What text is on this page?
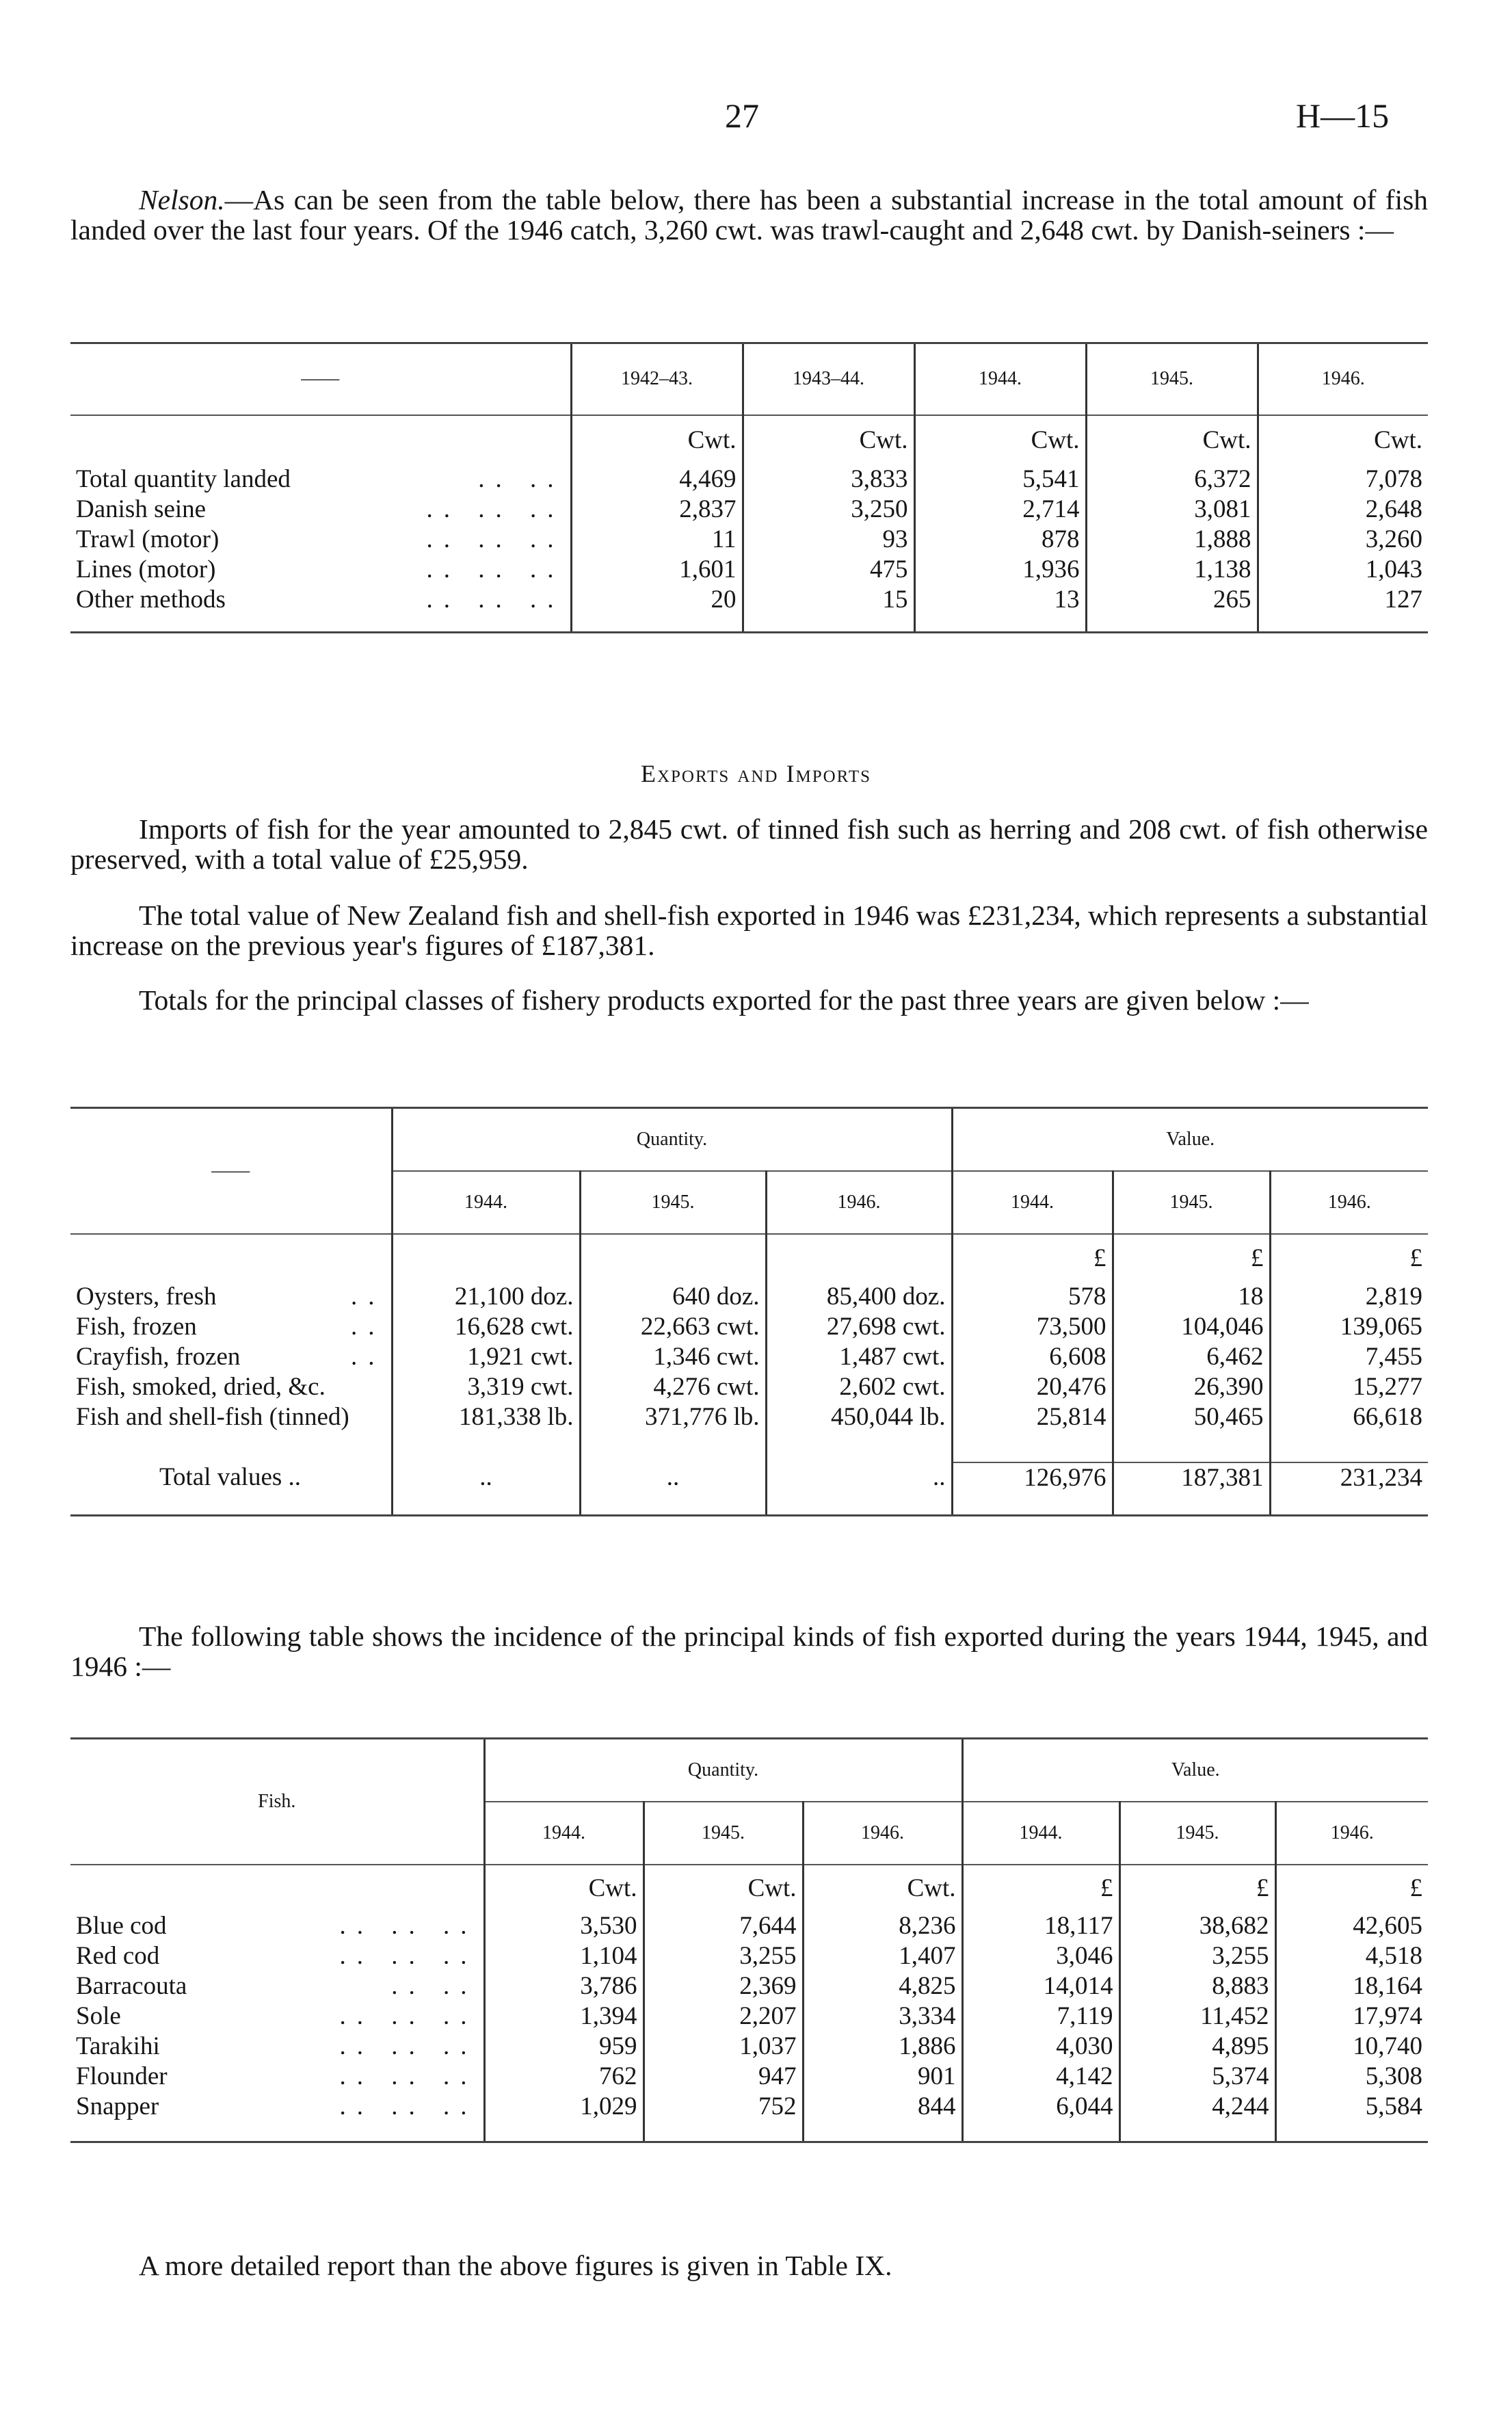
27	H—15
Nelson.—As can be seen from the table below, there has been a substantial increase in the total amount of fish landed over the last four years. Of the 1946 catch, 3,260 cwt. was trawl-caught and 2,648 cwt. by Danish-seiners :—
——	1942–43.	1943–44.	1944.	1945.	1946.
	Cwt.	Cwt.	Cwt.	Cwt.	Cwt.
Total quantity landed .. ..	4,469	3,833	5,541	6,372	7,078
Danish seine .. .. ..	2,837	3,250	2,714	3,081	2,648
Trawl (motor) .. .. ..	11	93	878	1,888	3,260
Lines (motor) .. .. ..	1,601	475	1,936	1,138	1,043
Other methods .. .. ..	20	15	13	265	127
Exports and Imports
Imports of fish for the year amounted to 2,845 cwt. of tinned fish such as herring and 208 cwt. of fish otherwise preserved, with a total value of £25,959.
The total value of New Zealand fish and shell-fish exported in 1946 was £231,234, which represents a substantial increase on the previous year's figures of £187,381.
Totals for the principal classes of fishery products exported for the past three years are given below :—
——	Quantity.			Value.		
	1944.	1945.	1946.	1944.	1945.	1946.
				£	£	£
Oysters, fresh ..	21,100 doz.	640 doz.	85,400 doz.	578	18	2,819
Fish, frozen ..	16,628 cwt.	22,663 cwt.	27,698 cwt.	73,500	104,046	139,065
Crayfish, frozen ..	1,921 cwt.	1,346 cwt.	1,487 cwt.	6,608	6,462	7,455
Fish, smoked, dried, &c.	3,319 cwt.	4,276 cwt.	2,602 cwt.	20,476	26,390	15,277
Fish and shell-fish (tinned)	181,338 lb.	371,776 lb.	450,044 lb.	25,814	50,465	66,618
Total values ..	..	..	..	126,976	187,381	231,234
The following table shows the incidence of the principal kinds of fish exported during the years 1944, 1945, and 1946 :—
Fish.	Quantity.			Value.		
	1944.	1945.	1946.	1944.	1945.	1946.
	Cwt.	Cwt.	Cwt.	£	£	£
Blue cod .. .. ..	3,530	7,644	8,236	18,117	38,682	42,605
Red cod .. .. ..	1,104	3,255	1,407	3,046	3,255	4,518
Barracouta .. ..	3,786	2,369	4,825	14,014	8,883	18,164
Sole .. .. ..	1,394	2,207	3,334	7,119	11,452	17,974
Tarakihi .. .. ..	959	1,037	1,886	4,030	4,895	10,740
Flounder .. .. ..	762	947	901	4,142	5,374	5,308
Snapper .. .. ..	1,029	752	844	6,044	4,244	5,584
A more detailed report than the above figures is given in Table IX.
